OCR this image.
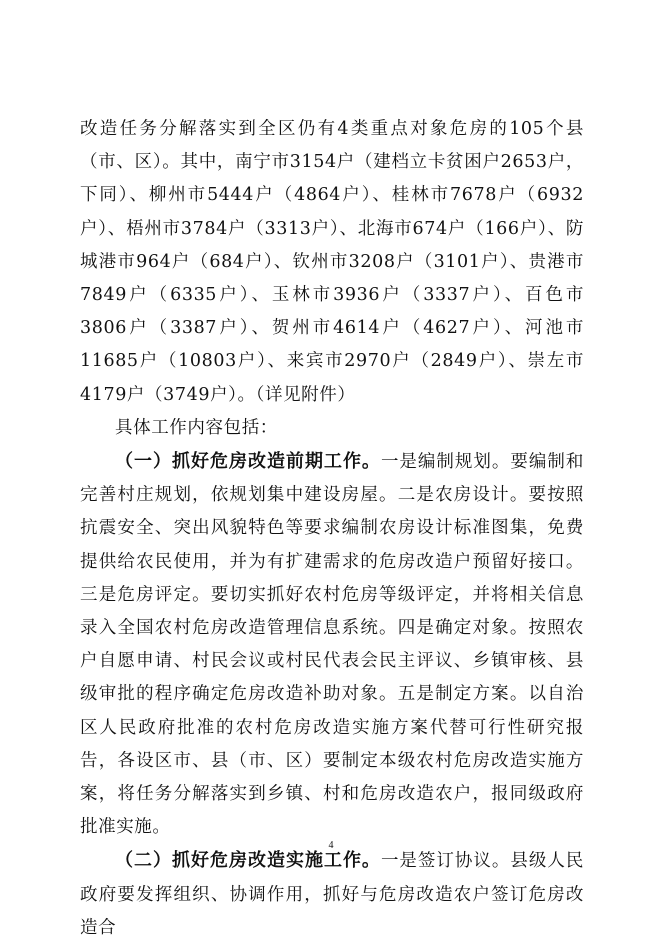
改造任务分解落实到全区仍有4类重点对象危房的105个县（市、区）。其中，南宁市3154户（建档立卡贫困户2653户，下同）、柳州市5444户（4864户）、桂林市7678户（6932户）、梧州市3784户（3313户）、北海市674户（166户）、防城港市964户（684户）、钦州市3208户（3101户）、贵港市7849户（6335户）、玉林市3936户（3337户）、百色市3806户（3387户）、贺州市4614户（4627户）、河池市11685户（10803户）、来宾市2970户（2849户）、崇左市4179户（3749户）。（详见附件）

具体工作内容包括：

（一）抓好危房改造前期工作。一是编制规划。要编制和完善村庄规划，依规划集中建设房屋。二是农房设计。要按照抗震安全、突出风貌特色等要求编制农房设计标准图集，免费提供给农民使用，并为有扩建需求的危房改造户预留好接口。三是危房评定。要切实抓好农村危房等级评定，并将相关信息录入全国农村危房改造管理信息系统。四是确定对象。按照农户自愿申请、村民会议或村民代表会民主评议、乡镇审核、县级审批的程序确定危房改造补助对象。五是制定方案。以自治区人民政府批准的农村危房改造实施方案代替可行性研究报告，各设区市、县（市、区）要制定本级农村危房改造实施方案，将任务分解落实到乡镇、村和危房改造农户，报同级政府批准实施。

（二）抓好危房改造实施工作。一是签订协议。县级人民政府要发挥组织、协调作用，抓好与危房改造农户签订危房改造合

4
